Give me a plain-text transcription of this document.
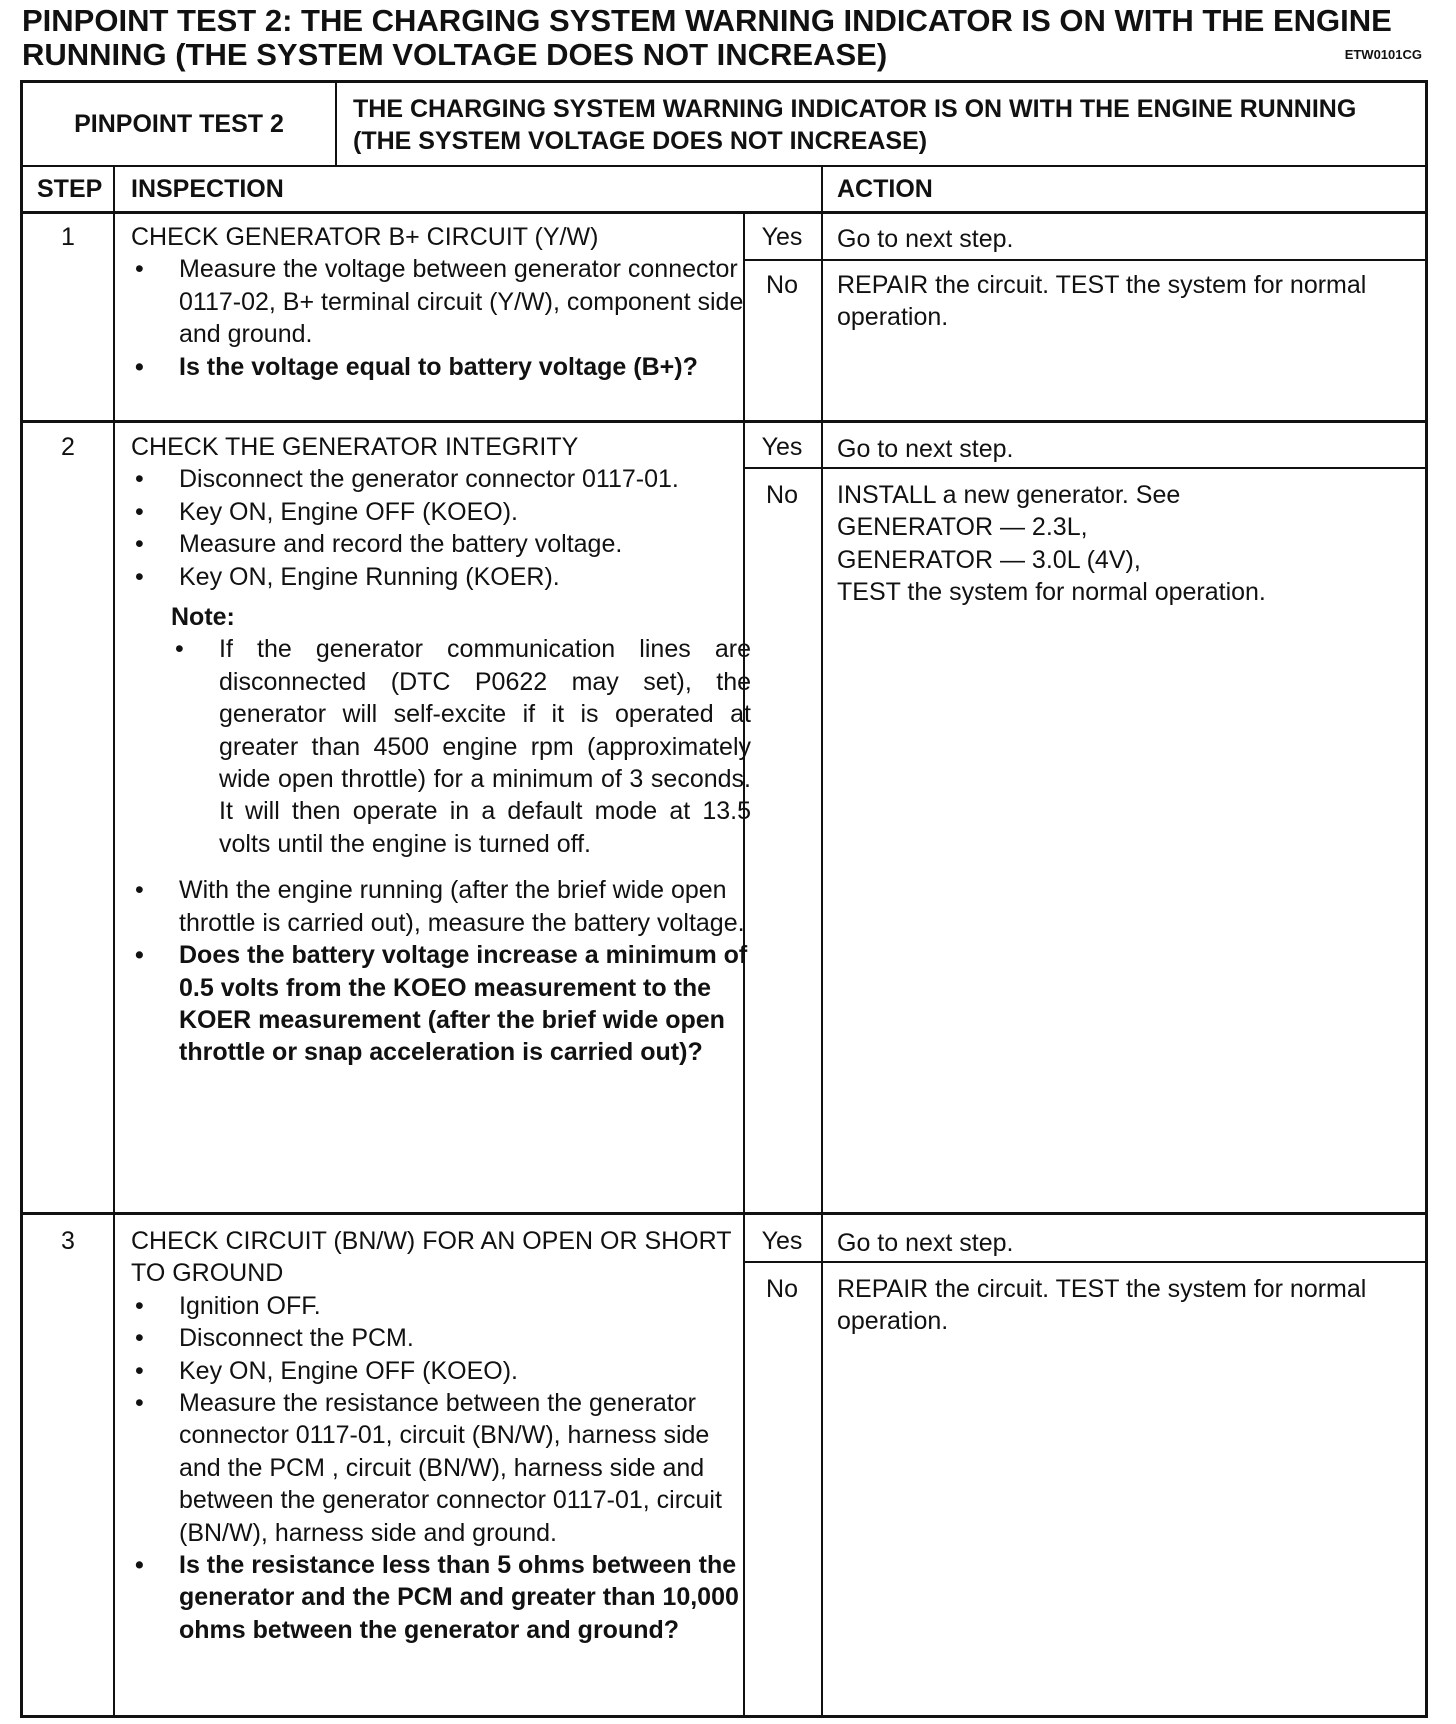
PINPOINT TEST 2: THE CHARGING SYSTEM WARNING INDICATOR IS ON WITH THE ENGINE RUNNING (THE SYSTEM VOLTAGE DOES NOT INCREASE)	ETW0101CG
PINPOINT TEST 2
THE CHARGING SYSTEM WARNING INDICATOR IS ON WITH THE ENGINE RUNNING (THE SYSTEM VOLTAGE DOES NOT INCREASE)
STEP INSPECTION	ACTION
1	CHECK GENERATOR B+ CIRCUIT (Y/W)
• Measure the voltage between generator connector 0117-02, B+ terminal circuit (Y/W), component side and ground.
• Is the voltage equal to battery voltage (B+)?
Yes	Go to next step.
No	REPAIR the circuit. TEST the system for normal operation.
2	CHECK THE GENERATOR INTEGRITY
• Disconnect the generator connector 0117-01.
• Key ON, Engine OFF (KOEO).
• Measure and record the battery voltage.
• Key ON, Engine Running (KOER).
Note:
• If the generator communication lines are disconnected (DTC P0622 may set), the generator will self-excite if it is operated at greater than 4500 engine rpm (approximately wide open throttle) for a minimum of 3 seconds. It will then operate in a default mode at 13.5 volts until the engine is turned off.
• With the engine running (after the brief wide open throttle is carried out), measure the battery voltage.
• Does the battery voltage increase a minimum of 0.5 volts from the KOEO measurement to the KOER measurement (after the brief wide open throttle or snap acceleration is carried out)?
Yes	Go to next step.
No	INSTALL a new generator. See
GENERATOR — 2.3L,
GENERATOR — 3.0L (4V),
TEST the system for normal operation.
3	CHECK CIRCUIT (BN/W) FOR AN OPEN OR SHORT TO GROUND
• Ignition OFF.
• Disconnect the PCM.
• Key ON, Engine OFF (KOEO).
• Measure the resistance between the generator connector 0117-01, circuit (BN/W), harness side and the PCM , circuit (BN/W), harness side and between the generator connector 0117-01, circuit (BN/W), harness side and ground.
• Is the resistance less than 5 ohms between the generator and the PCM and greater than 10,000 ohms between the generator and ground?
Yes	Go to next step.
No	REPAIR the circuit. TEST the system for normal operation.
